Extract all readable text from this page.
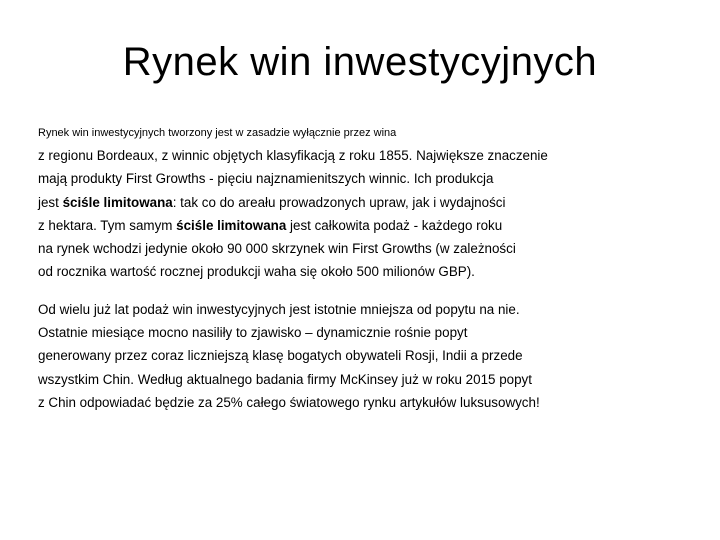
Rynek win inwestycyjnych

Rynek win inwestycyjnych tworzony jest w zasadzie wyłącznie przez wina

z regionu Bordeaux, z winnic objętych klasyfikacją z roku 1855. Największe znaczenie
mają produkty First Growths - pięciu najznamienitszych winnic. Ich produkcja
jest ściśle limitowana: tak co do areału prowadzonych upraw, jak i wydajności
z hektara. Tym samym ściśle limitowana jest całkowita podaż - każdego roku
na rynek wchodzi jedynie około 90 000 skrzynek win First Growths (w zależności
od rocznika wartość rocznej produkcji waha się około 500 milionów GBP).
Od wielu już lat podaż win inwestycyjnych jest istotnie mniejsza od popytu na nie.
Ostatnie miesiące mocno nasiliły to zjawisko – dynamicznie rośnie popyt
generowany przez coraz liczniejszą klasę bogatych obywateli Rosji, Indii a przede
wszystkim Chin. Według aktualnego badania firmy McKinsey już w roku 2015 popyt
z Chin odpowiadać będzie za 25% całego światowego rynku artykułów luksusowych!
